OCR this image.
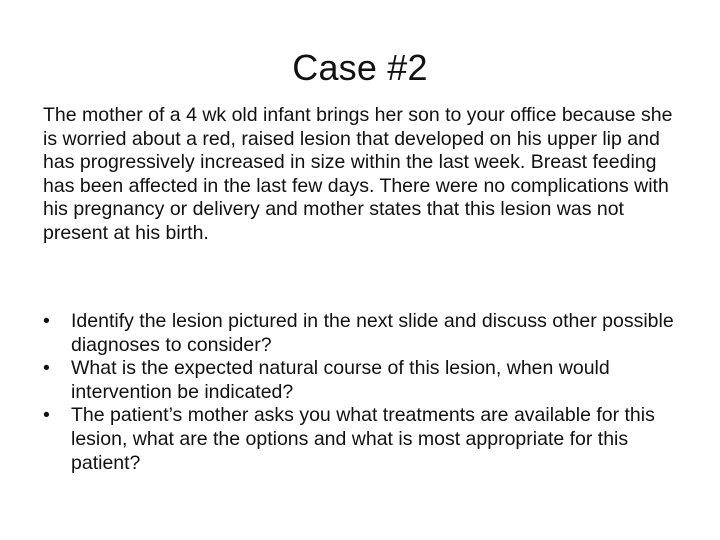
Case #2

The mother of a 4 wk old infant brings her son to your office because she is worried about a red, raised lesion that developed on his upper lip and has progressively increased in size within the last week. Breast feeding has been affected in the last few days. There were no complications with his pregnancy or delivery and mother states that this lesion was not present at his birth.

•	Identify the lesion pictured in the next slide and discuss other possible diagnoses to consider?
•	What is the expected natural course of this lesion, when would intervention be indicated?
•	The patient’s mother asks you what treatments are available for this lesion, what are the options and what is most appropriate for this patient?
